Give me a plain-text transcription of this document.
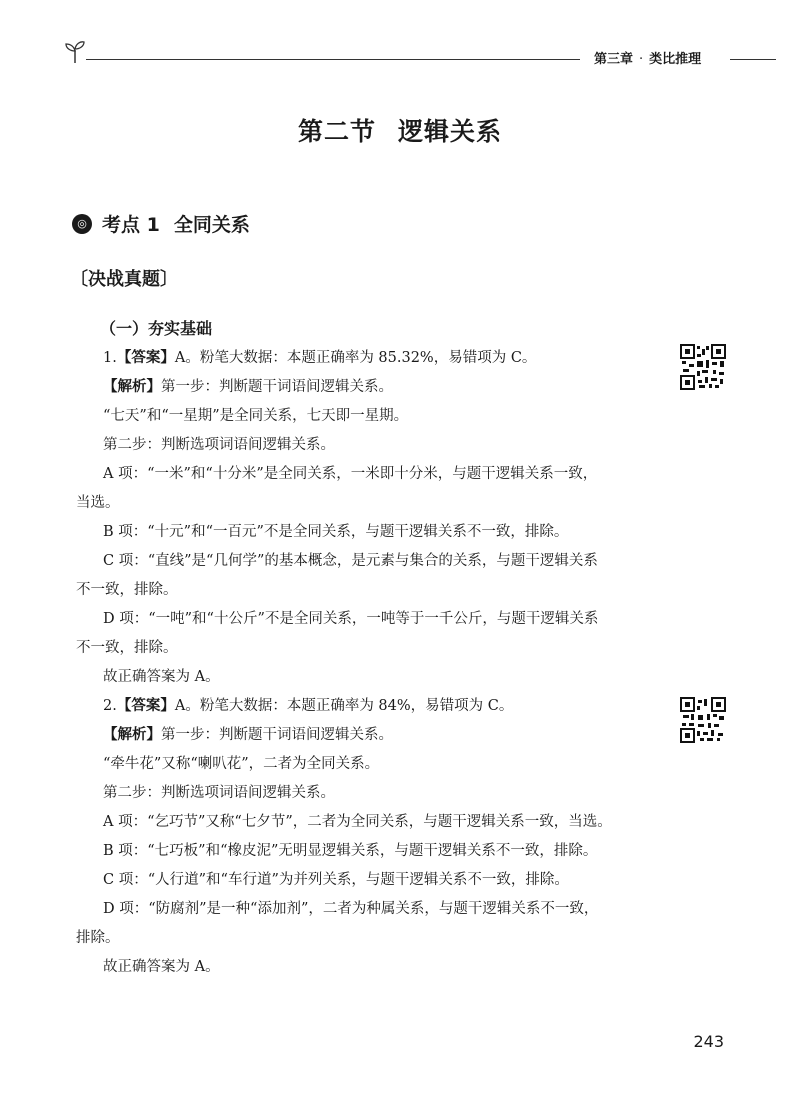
第三章 · 类比推理
第二节 逻辑关系
◎ 考点 1 全同关系
〔决战真题〕
（一）夯实基础
1.【答案】A。粉笔大数据：本题正确率为 85.32%，易错项为 C。
【解析】第一步：判断题干词语间逻辑关系。
“七天”和“一星期”是全同关系，七天即一星期。
第二步：判断选项词语间逻辑关系。
A 项：“一米”和“十分米”是全同关系，一米即十分米，与题干逻辑关系一致，
当选。
B 项：“十元”和“一百元”不是全同关系，与题干逻辑关系不一致，排除。
C 项：“直线”是“几何学”的基本概念，是元素与集合的关系，与题干逻辑关系
不一致，排除。
D 项：“一吨”和“十公斤”不是全同关系，一吨等于一千公斤，与题干逻辑关系
不一致，排除。
故正确答案为 A。
2.【答案】A。粉笔大数据：本题正确率为 84%，易错项为 C。
【解析】第一步：判断题干词语间逻辑关系。
“牵牛花”又称“喇叭花”，二者为全同关系。
第二步：判断选项词语间逻辑关系。
A 项：“乞巧节”又称“七夕节”，二者为全同关系，与题干逻辑关系一致，当选。
B 项：“七巧板”和“橡皮泥”无明显逻辑关系，与题干逻辑关系不一致，排除。
C 项：“人行道”和“车行道”为并列关系，与题干逻辑关系不一致，排除。
D 项：“防腐剂”是一种“添加剂”，二者为种属关系，与题干逻辑关系不一致，
排除。
故正确答案为 A。
243
